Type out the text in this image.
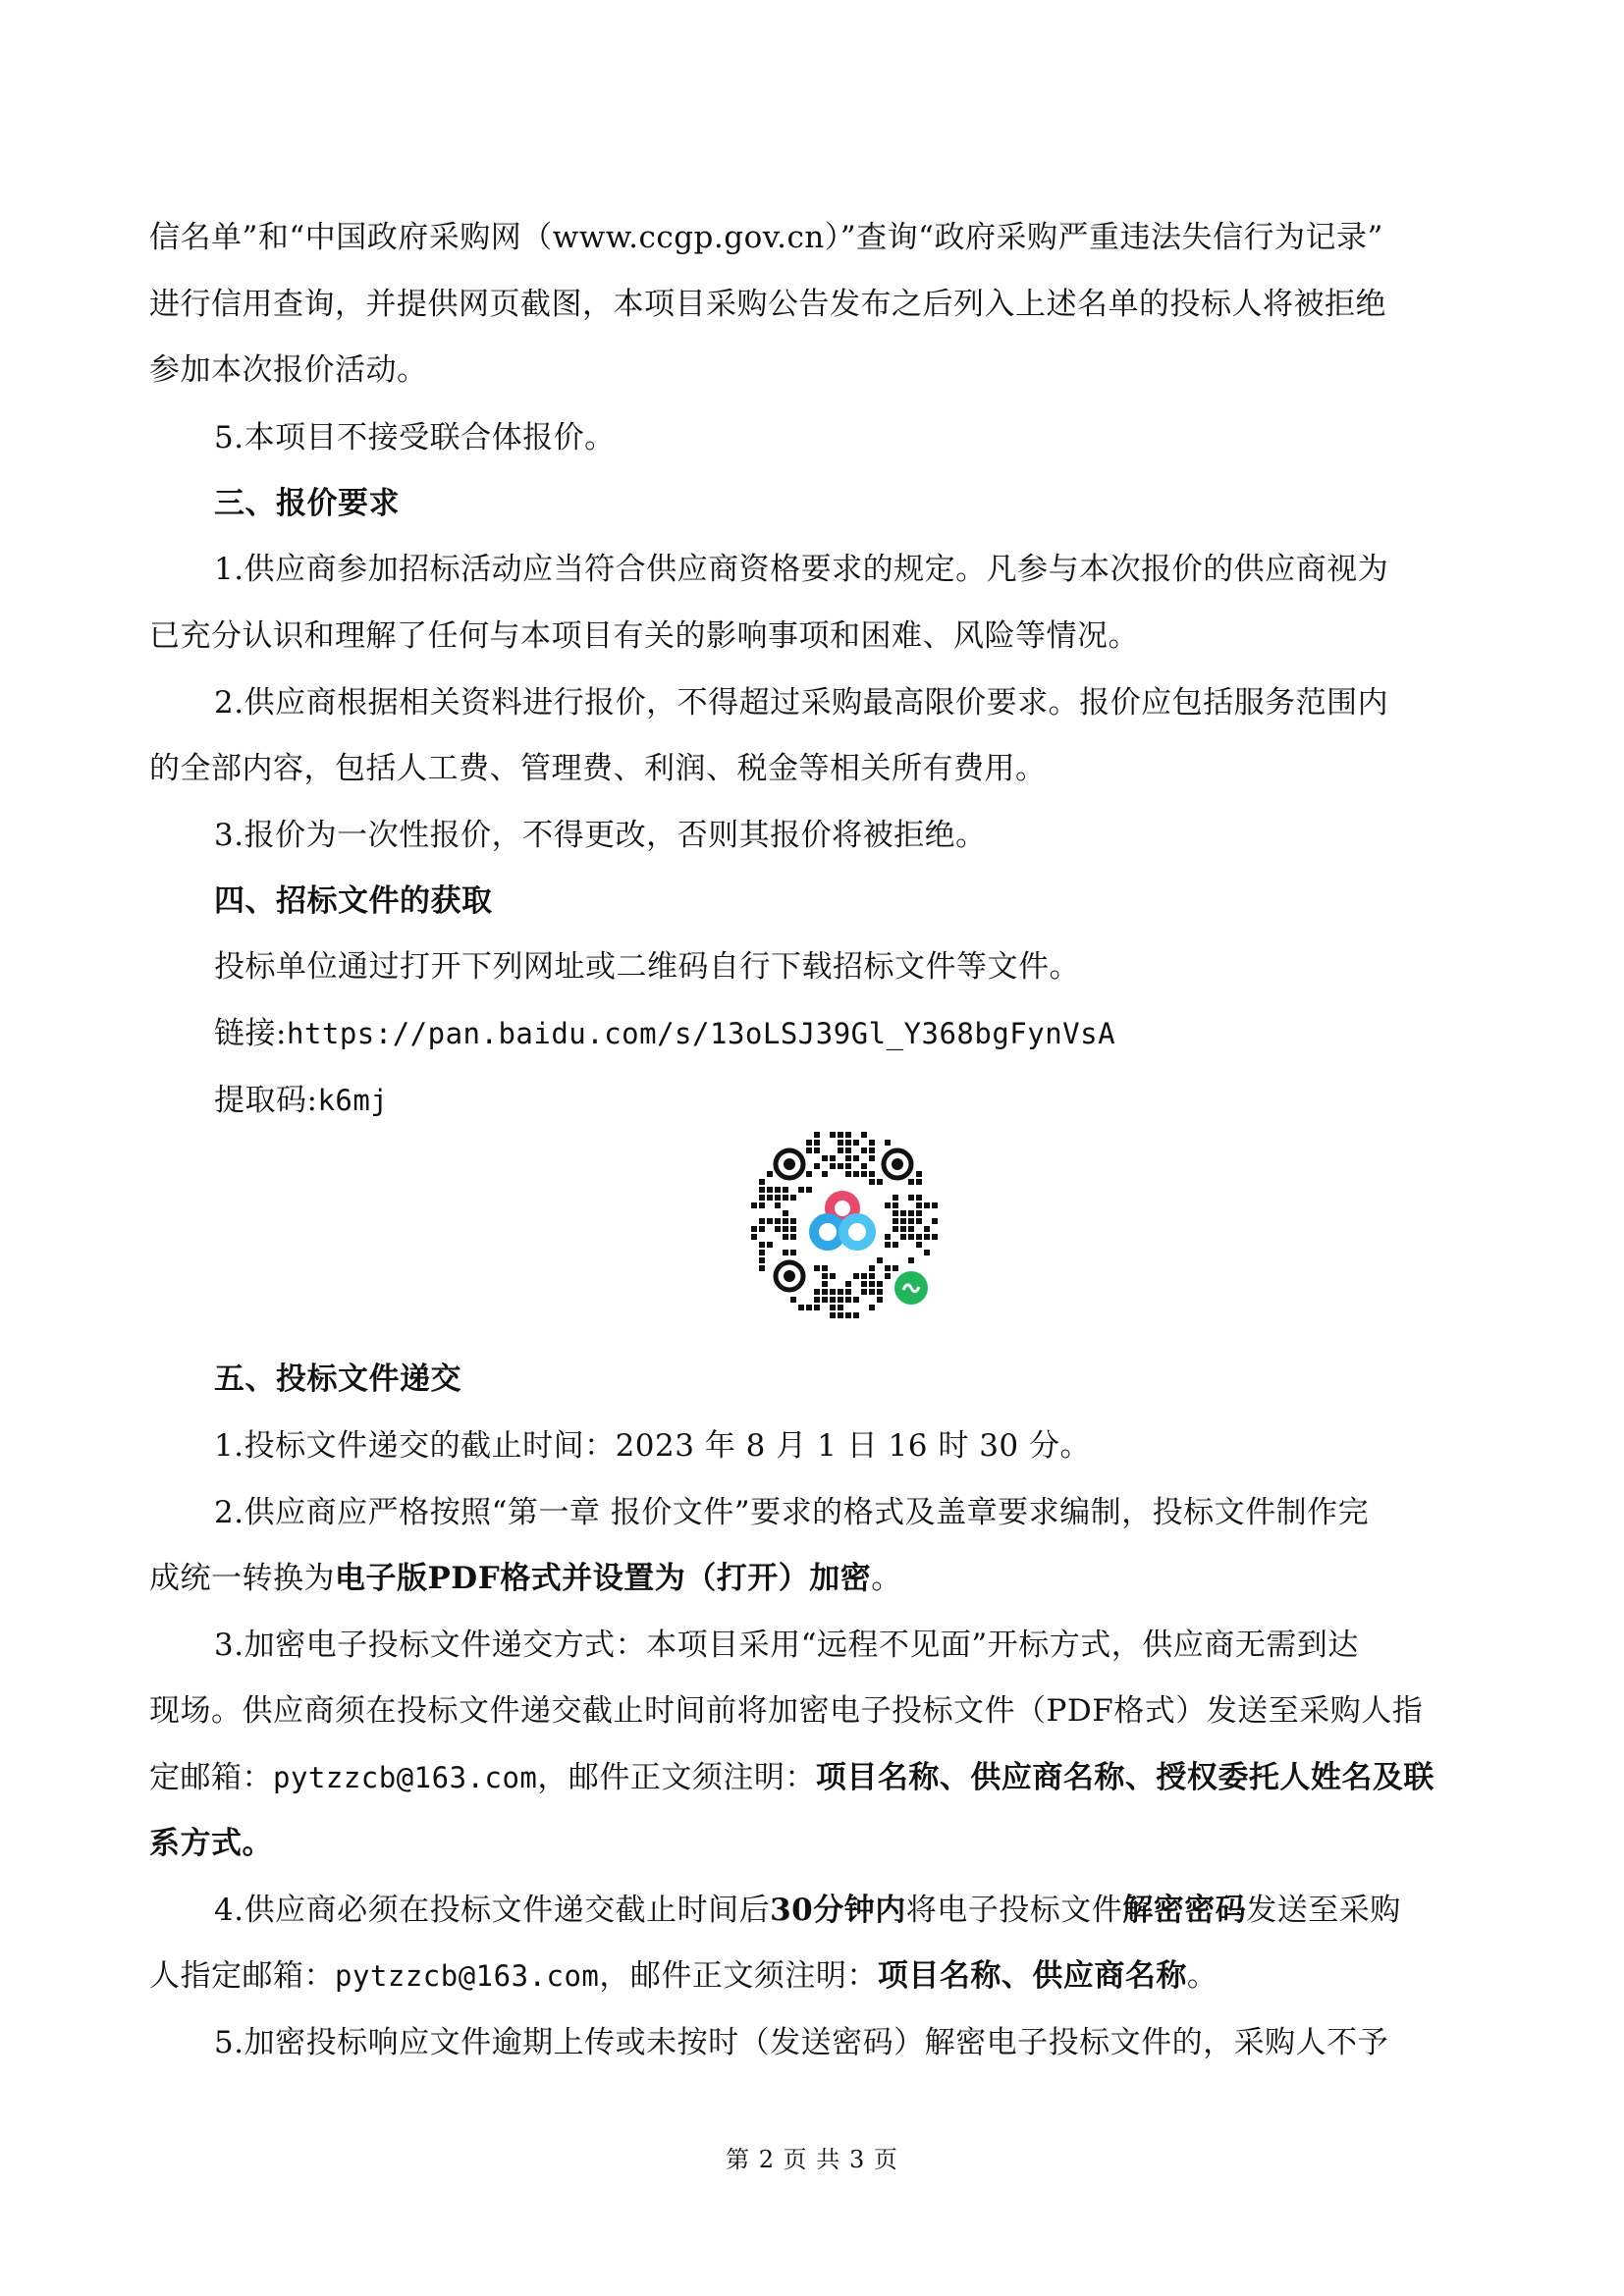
信名单”和“中国政府采购网（www.ccgp.gov.cn）”查询“政府采购严重违法失信行为记录”
进行信用查询，并提供网页截图，本项目采购公告发布之后列入上述名单的投标人将被拒绝
参加本次报价活动。
5.本项目不接受联合体报价。
三、报价要求
1.供应商参加招标活动应当符合供应商资格要求的规定。凡参与本次报价的供应商视为
已充分认识和理解了任何与本项目有关的影响事项和困难、风险等情况。
2.供应商根据相关资料进行报价，不得超过采购最高限价要求。报价应包括服务范围内
的全部内容，包括人工费、管理费、利润、税金等相关所有费用。
3.报价为一次性报价，不得更改，否则其报价将被拒绝。
四、招标文件的获取
投标单位通过打开下列网址或二维码自行下载招标文件等文件。
链接:https://pan.baidu.com/s/13oLSJ39Gl_Y368bgFynVsA
提取码:k6mj
五、投标文件递交
1.投标文件递交的截止时间：2023 年 8 月 1 日 16 时 30 分。
2.供应商应严格按照“第一章 报价文件”要求的格式及盖章要求编制，投标文件制作完
成统一转换为电子版PDF格式并设置为（打开）加密。
3.加密电子投标文件递交方式：本项目采用“远程不见面”开标方式，供应商无需到达
现场。供应商须在投标文件递交截止时间前将加密电子投标文件（PDF格式）发送至采购人指
定邮箱：pytzzcb@163.com，邮件正文须注明：项目名称、供应商名称、授权委托人姓名及联
系方式。
4.供应商必须在投标文件递交截止时间后30分钟内将电子投标文件解密密码发送至采购
人指定邮箱：pytzzcb@163.com，邮件正文须注明：项目名称、供应商名称。
5.加密投标响应文件逾期上传或未按时（发送密码）解密电子投标文件的，采购人不予
第 2 页 共 3 页
